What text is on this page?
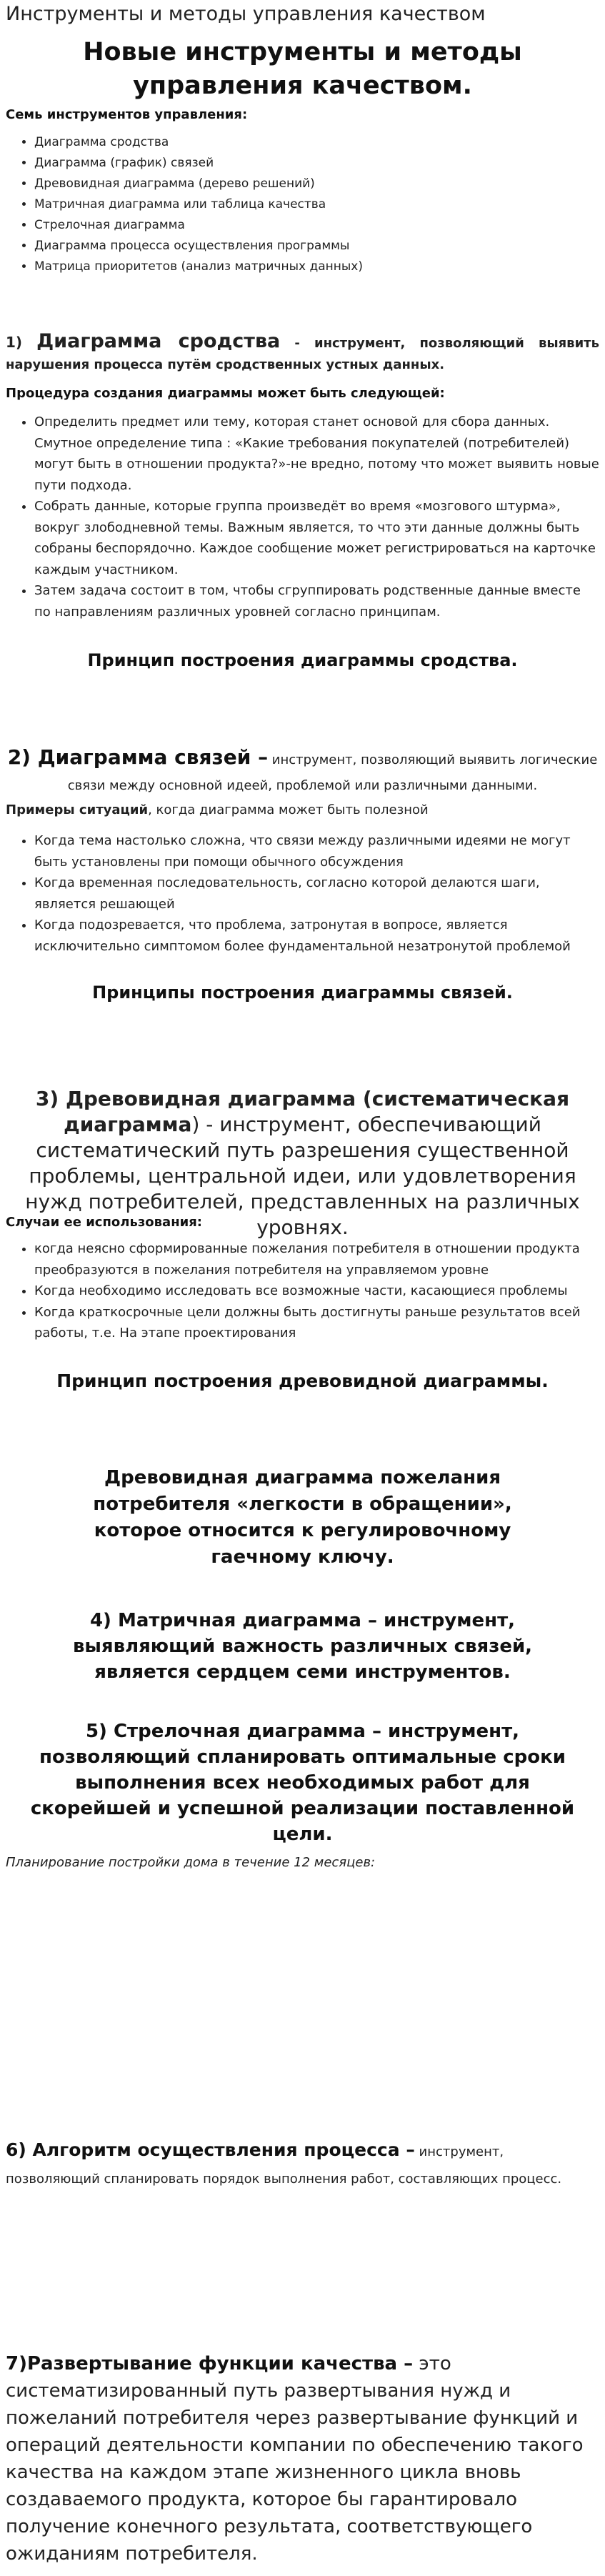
Инструменты и методы управления качеством
Новые инструменты и методы управления качеством.
Семь инструментов управления:
• Диаграмма сродства
• Диаграмма (график) связей
• Древовидная диаграмма (дерево решений)
• Матричная диаграмма или таблица качества
• Стрелочная диаграмма
• Диаграмма процесса осуществления программы
• Матрица приоритетов (анализ матричных данных)
1) Диаграмма сродства - инструмент, позволяющий выявить нарушения процесса путём сродственных устных данных.
Процедура создания диаграммы может быть следующей:
• Определить предмет или тему, которая станет основой для сбора данных. Смутное определение типа : «Какие требования покупателей (потребителей) могут быть в отношении продукта?»-не вредно, потому что может выявить новые пути подхода.
• Собрать данные, которые группа произведёт во время «мозгового штурма», вокруг злободневной темы. Важным является, то что эти данные должны быть собраны беспорядочно. Каждое сообщение может регистрироваться на карточке каждым участником.
• Затем задача состоит в том, чтобы сгруппировать родственные данные вместе по направлениям различных уровней согласно принципам.
Принцип построения диаграммы сродства.
2) Диаграмма связей – инструмент, позволяющий выявить логические связи между основной идеей, проблемой или различными данными.
Примеры ситуаций, когда диаграмма может быть полезной
• Когда тема настолько сложна, что связи между различными идеями не могут быть установлены при помощи обычного обсуждения
• Когда временная последовательность, согласно которой делаются шаги, является решающей
• Когда подозревается, что проблема, затронутая в вопросе, является исключительно симптомом более фундаментальной незатронутой проблемой
Принципы построения диаграммы связей.
3) Древовидная диаграмма (систематическая диаграмма) - инструмент, обеспечивающий систематический путь разрешения существенной проблемы, центральной идеи, или удовлетворения нужд потребителей, представленных на различных уровнях.
Случаи ее использования:
• когда неясно сформированные пожелания потребителя в отношении продукта преобразуются в пожелания потребителя на управляемом уровне
• Когда необходимо исследовать все возможные части, касающиеся проблемы
• Когда краткосрочные цели должны быть достигнуты раньше результатов всей работы, т.е. На этапе проектирования
Принцип построения древовидной диаграммы.
Древовидная диаграмма пожелания потребителя «легкости в обращении», которое относится к регулировочному гаечному ключу.
4) Матричная диаграмма – инструмент, выявляющий важность различных связей, является сердцем семи инструментов.
5) Стрелочная диаграмма – инструмент, позволяющий спланировать оптимальные сроки выполнения всех необходимых работ для скорейшей и успешной реализации поставленной цели.
Планирование постройки дома в течение 12 месяцев:
6) Алгоритм осуществления процесса – инструмент, позволяющий спланировать порядок выполнения работ, составляющих процесс.
7)Развертывание функции качества – это систематизированный путь развертывания нужд и пожеланий потребителя через развертывание функций и операций деятельности компании по обеспечению такого качества на каждом этапе жизненного цикла вновь создаваемого продукта, которое бы гарантировало получение конечного результата, соответствующего ожиданиям потребителя.
